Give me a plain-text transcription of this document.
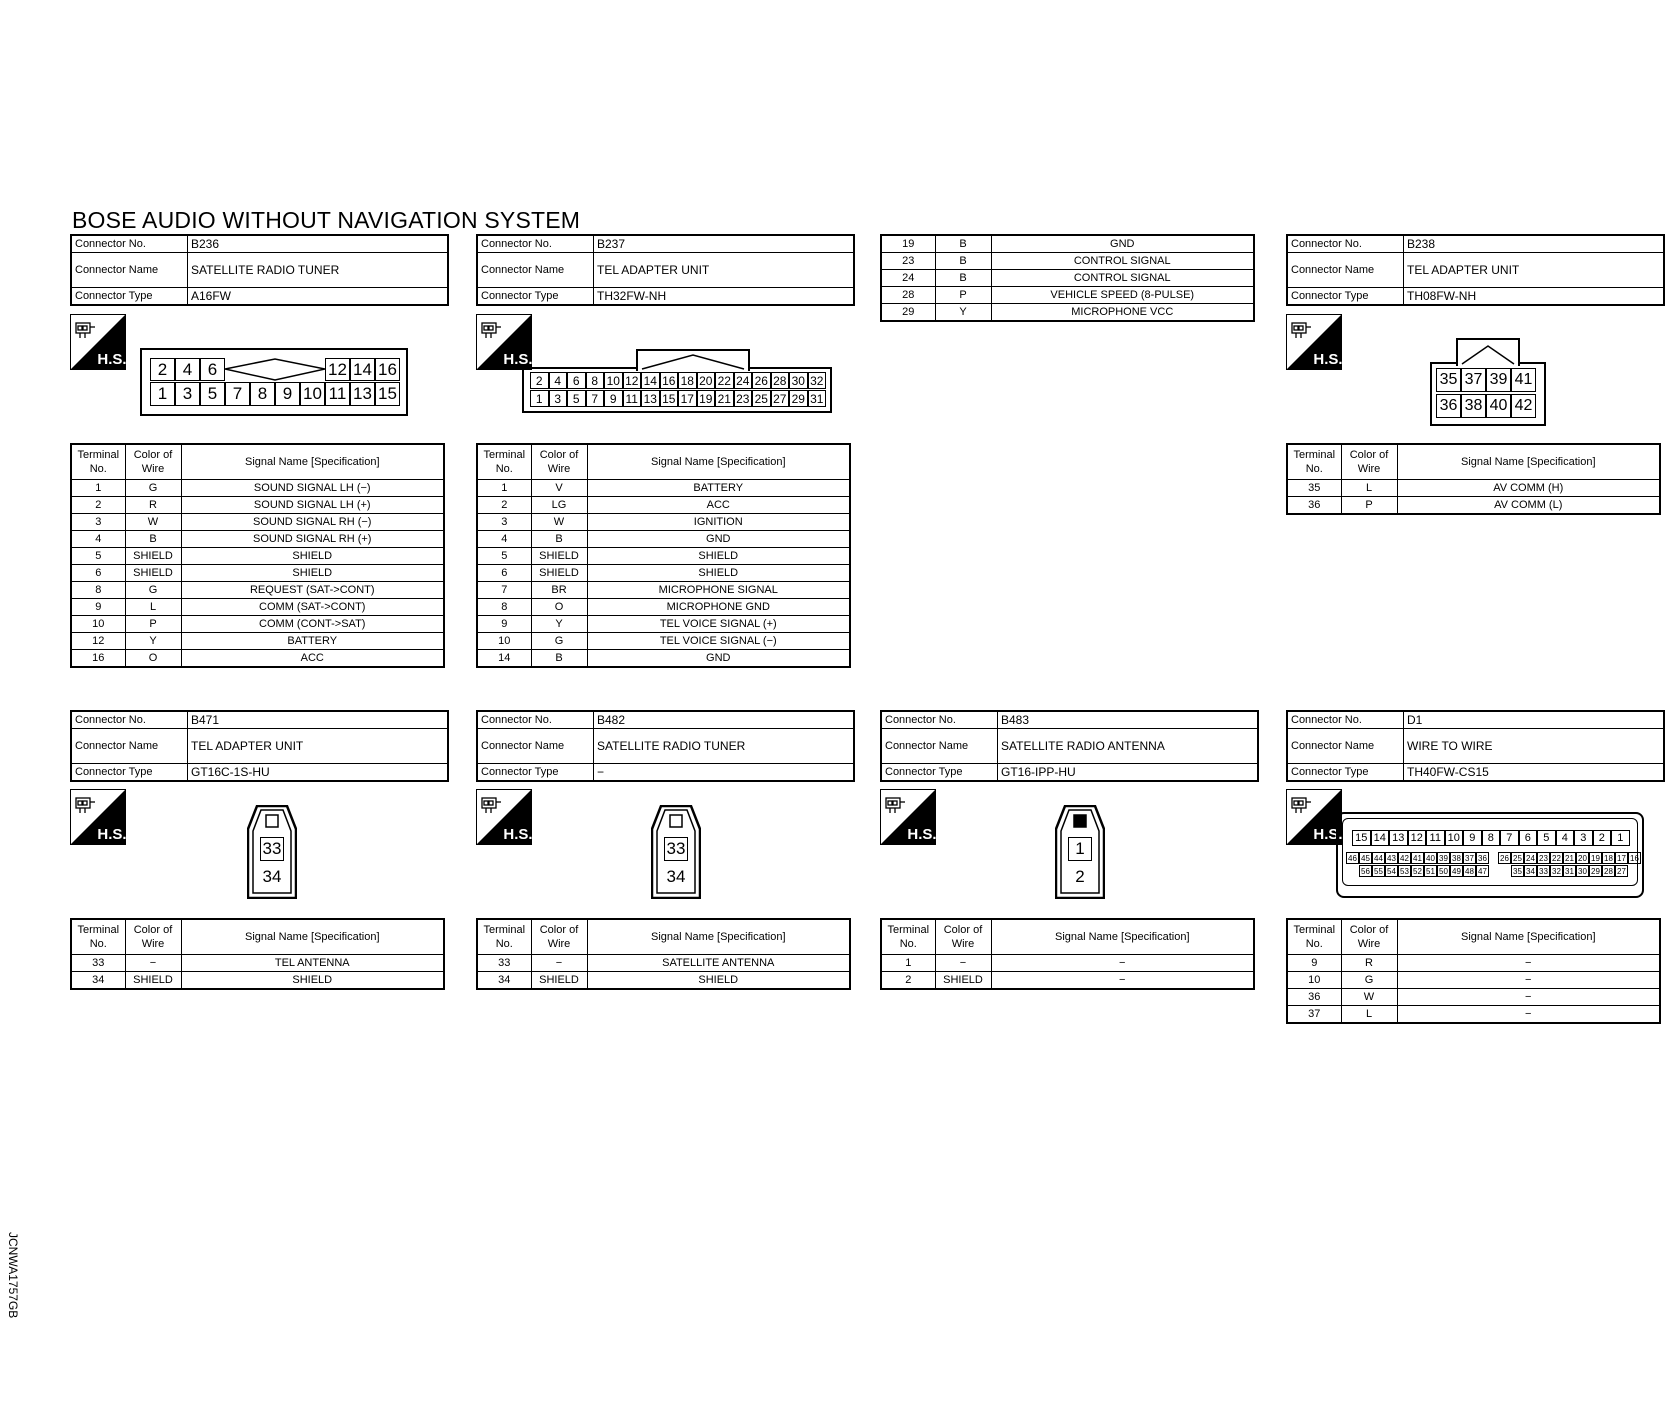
BOSE AUDIO WITHOUT NAVIGATION SYSTEM
JCNWA1757GB
Connector No.	B236
Connector Name	SATELLITE RADIO TUNER
Connector Type	A16FW
H.S.	2 4 6	12 14 16
1 3 5 7 8 9 10 11 13 15
Terminal No.	Color of Wire	Signal Name [Specification]
1	G	SOUND SIGNAL LH (−)
2	R	SOUND SIGNAL LH (+)
3	W	SOUND SIGNAL RH (−)
4	B	SOUND SIGNAL RH (+)
5	SHIELD	SHIELD
6	SHIELD	SHIELD
8	G	REQUEST (SAT->CONT)
9	L	COMM (SAT->CONT)
10	P	COMM (CONT->SAT)
12	Y	BATTERY
16	O	ACC
Connector No.	B237
Connector Name	TEL ADAPTER UNIT
Connector Type	TH32FW-NH
H.S.
2 4 6 8 10 12 14 16 18 20 22 24 26 28 30 32
1 3 5 7 9 11 13 15 17 19 21 23 25 27 29 31
Terminal No.	Color of Wire	Signal Name [Specification]
1	V	BATTERY
2	LG	ACC
3	W	IGNITION
4	B	GND
5	SHIELD	SHIELD
6	SHIELD	SHIELD
7	BR	MICROPHONE SIGNAL
8	O	MICROPHONE GND
9	Y	TEL VOICE SIGNAL (+)
10	G	TEL VOICE SIGNAL (−)
14	B	GND
19	B	GND
23	B	CONTROL SIGNAL
24	B	CONTROL SIGNAL
28	P	VEHICLE SPEED (8-PULSE)
29	Y	MICROPHONE VCC
Connector No.	B238
Connector Name	TEL ADAPTER UNIT
Connector Type	TH08FW-NH
H.S.
35 37 39 41
36 38 40 42
Terminal No.	Color of Wire	Signal Name [Specification]
35	L	AV COMM (H)
36	P	AV COMM (L)
Connector No.	B471
Connector Name	TEL ADAPTER UNIT
Connector Type	GT16C-1S-HU
H.S.
33
34
Terminal No.	Color of Wire	Signal Name [Specification]
33	−	TEL ANTENNA
34	SHIELD	SHIELD
Connector No.	B482
Connector Name	SATELLITE RADIO TUNER
Connector Type	−
H.S.
33
34
Terminal No.	Color of Wire	Signal Name [Specification]
33	−	SATELLITE ANTENNA
34	SHIELD	SHIELD
Connector No.	B483
Connector Name	SATELLITE RADIO ANTENNA
Connector Type	GT16-IPP-HU
H.S.
1
2
Terminal No.	Color of Wire	Signal Name [Specification]
1	−	−
2	SHIELD	−
Connector No.	D1
Connector Name	WIRE TO WIRE
Connector Type	TH40FW-CS15
H.S. 15 14 13 12 11 10 9	8	7	6	5	4	3	2	1
46 45 44 43 42 41 40 39 38 37 36 26 25 24 23 22 21 20 19 18 17 16
56 55 54 53 52 51 50 49 48 47	35 34 33 32 31 30 29 28 27
Terminal No.	Color of Wire	Signal Name [Specification]
9	R	−
10	G	−
36	W	−
37	L	−
